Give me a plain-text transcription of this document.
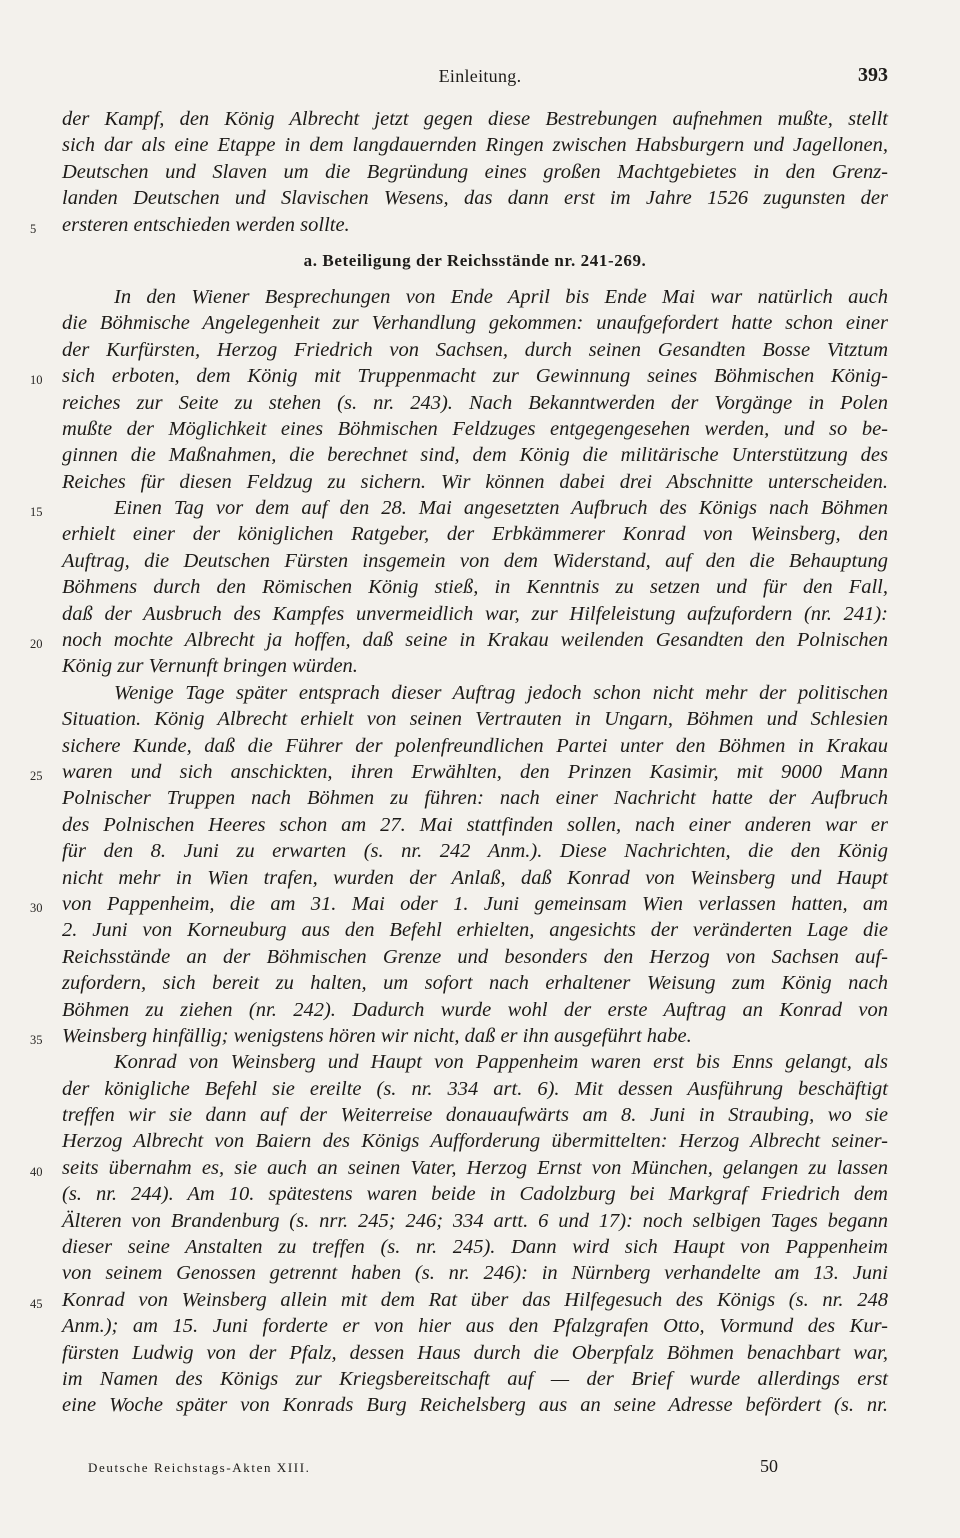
Einleitung.	393
der Kampf, den König Albrecht jetzt gegen diese Bestrebungen aufnehmen mußte, stellt
sich dar als eine Etappe in dem langdauernden Ringen zwischen Habsburgern und Jagellonen,
Deutschen und Slaven um die Begründung eines großen Machtgebietes in den Grenz-
landen Deutschen und Slavischen Wesens, das dann erst im Jahre 1526 zugunsten der
5 ersteren entschieden werden sollte.
a. Beteiligung der Reichsstände nr. 241-269.
In den Wiener Besprechungen von Ende April bis Ende Mai war natürlich auch
die Böhmische Angelegenheit zur Verhandlung gekommen: unaufgefordert hatte schon einer
der Kurfürsten, Herzog Friedrich von Sachsen, durch seinen Gesandten Bosse Vitztum
10 sich erboten, dem König mit Truppenmacht zur Gewinnung seines Böhmischen König-
reiches zur Seite zu stehen (s. nr. 243). Nach Bekanntwerden der Vorgänge in Polen
mußte der Möglichkeit eines Böhmischen Feldzuges entgegengesehen werden, und so be-
ginnen die Maßnahmen, die berechnet sind, dem König die militärische Unterstützung des
Reiches für diesen Feldzug zu sichern. Wir können dabei drei Abschnitte unterscheiden.
15	Einen Tag vor dem auf den 28. Mai angesetzten Aufbruch des Königs nach Böhmen
erhielt einer der königlichen Ratgeber, der Erbkämmerer Konrad von Weinsberg, den
Auftrag, die Deutschen Fürsten insgemein von dem Widerstand, auf den die Behauptung
Böhmens durch den Römischen König stieß, in Kenntnis zu setzen und für den Fall,
daß der Ausbruch des Kampfes unvermeidlich war, zur Hilfeleistung aufzufordern (nr. 241):
20 noch mochte Albrecht ja hoffen, daß seine in Krakau weilenden Gesandten den Polnischen
König zur Vernunft bringen würden.
Wenige Tage später entsprach dieser Auftrag jedoch schon nicht mehr der politischen
Situation. König Albrecht erhielt von seinen Vertrauten in Ungarn, Böhmen und Schlesien
sichere Kunde, daß die Führer der polenfreundlichen Partei unter den Böhmen in Krakau
25 waren und sich anschickten, ihren Erwählten, den Prinzen Kasimir, mit 9000 Mann
Polnischer Truppen nach Böhmen zu führen: nach einer Nachricht hatte der Aufbruch
des Polnischen Heeres schon am 27. Mai stattfinden sollen, nach einer anderen war er
für den 8. Juni zu erwarten (s. nr. 242 Anm.). Diese Nachrichten, die den König
nicht mehr in Wien trafen, wurden der Anlaß, daß Konrad von Weinsberg und Haupt
30 von Pappenheim, die am 31. Mai oder 1. Juni gemeinsam Wien verlassen hatten, am
2. Juni von Korneuburg aus den Befehl erhielten, angesichts der veränderten Lage die
Reichsstände an der Böhmischen Grenze und besonders den Herzog von Sachsen auf-
zufordern, sich bereit zu halten, um sofort nach erhaltener Weisung zum König nach
Böhmen zu ziehen (nr. 242). Dadurch wurde wohl der erste Auftrag an Konrad von
35 Weinsberg hinfällig; wenigstens hören wir nicht, daß er ihn ausgeführt habe.
Konrad von Weinsberg und Haupt von Pappenheim waren erst bis Enns gelangt, als
der königliche Befehl sie ereilte (s. nr. 334 art. 6). Mit dessen Ausführung beschäftigt
treffen wir sie dann auf der Weiterreise donauaufwärts am 8. Juni in Straubing, wo sie
Herzog Albrecht von Baiern des Königs Aufforderung übermittelten: Herzog Albrecht seiner-
40 seits übernahm es, sie auch an seinen Vater, Herzog Ernst von München, gelangen zu lassen
(s. nr. 244). Am 10. spätestens waren beide in Cadolzburg bei Markgraf Friedrich dem
Älteren von Brandenburg (s. nrr. 245; 246; 334 artt. 6 und 17): noch selbigen Tages begann
dieser seine Anstalten zu treffen (s. nr. 245). Dann wird sich Haupt von Pappenheim
von seinem Genossen getrennt haben (s. nr. 246): in Nürnberg verhandelte am 13. Juni
45 Konrad von Weinsberg allein mit dem Rat über das Hilfegesuch des Königs (s. nr. 248
Anm.); am 15. Juni forderte er von hier aus den Pfalzgrafen Otto, Vormund des Kur-
fürsten Ludwig von der Pfalz, dessen Haus durch die Oberpfalz Böhmen benachbart war,
im Namen des Königs zur Kriegsbereitschaft auf — der Brief wurde allerdings erst
eine Woche später von Konrads Burg Reichelsberg aus an seine Adresse befördert (s. nr.
Deutsche Reichstags-Akten XIII.	50
